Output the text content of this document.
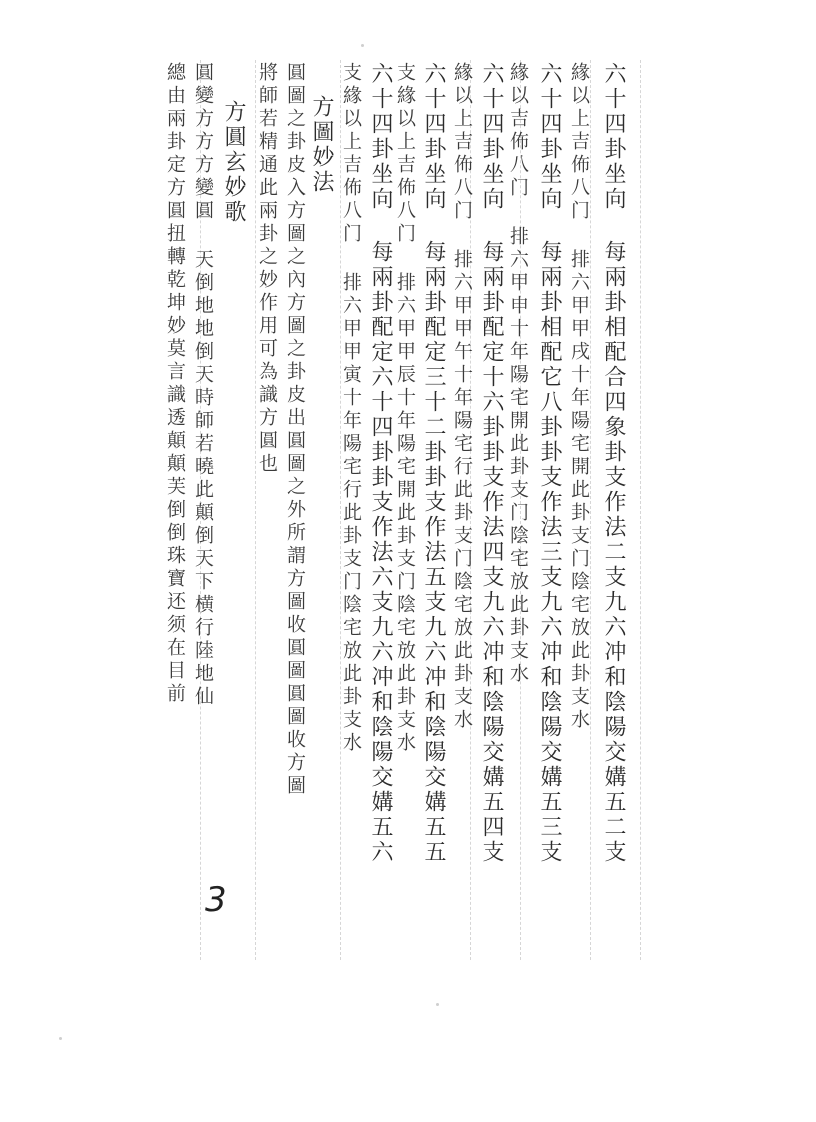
六十四卦坐向 每兩卦相配合四象卦支作法二支九六冲和陰陽交媾五二支
緣以上吉佈八门 排六甲甲戌十年陽宅開此卦支门陰宅放此卦支水
六十四卦坐向 每兩卦相配它八卦卦支作法三支九六冲和陰陽交媾五三支
緣以吉佈八门 排六甲申十年陽宅開此卦支门陰宅放此卦支水
六十四卦坐向 每兩卦配定十六卦卦支作法四支九六冲和陰陽交媾五四支
緣以上吉佈八门 排六甲甲午十年陽宅行此卦支门陰宅放此卦支水
六十四卦坐向 每兩卦配定三十二卦卦支作法五支九六冲和陰陽交媾五五
支緣以上吉佈八门 排六甲甲辰十年陽宅開此卦支门陰宅放此卦支水
六十四卦坐向 每兩卦配定六十四卦卦支作法六支九六冲和陰陽交媾五六
支緣以上吉佈八门 排六甲甲寅十年陽宅行此卦支门陰宅放此卦支水
方圖妙法
圓圖之卦皮入方圖之內方圖之卦皮出圓圖之外所謂方圖收圓圖圓圖收方圖
將師若精通此兩卦之妙作用可為識方圓也
方圓玄妙歌
圓變方方方變圓 天倒地地倒天時師若曉此顛倒天下横行陸地仙
總由兩卦定方圓扭轉乾坤妙莫言識透顛顛芙倒倒珠寶还须在目前
3
